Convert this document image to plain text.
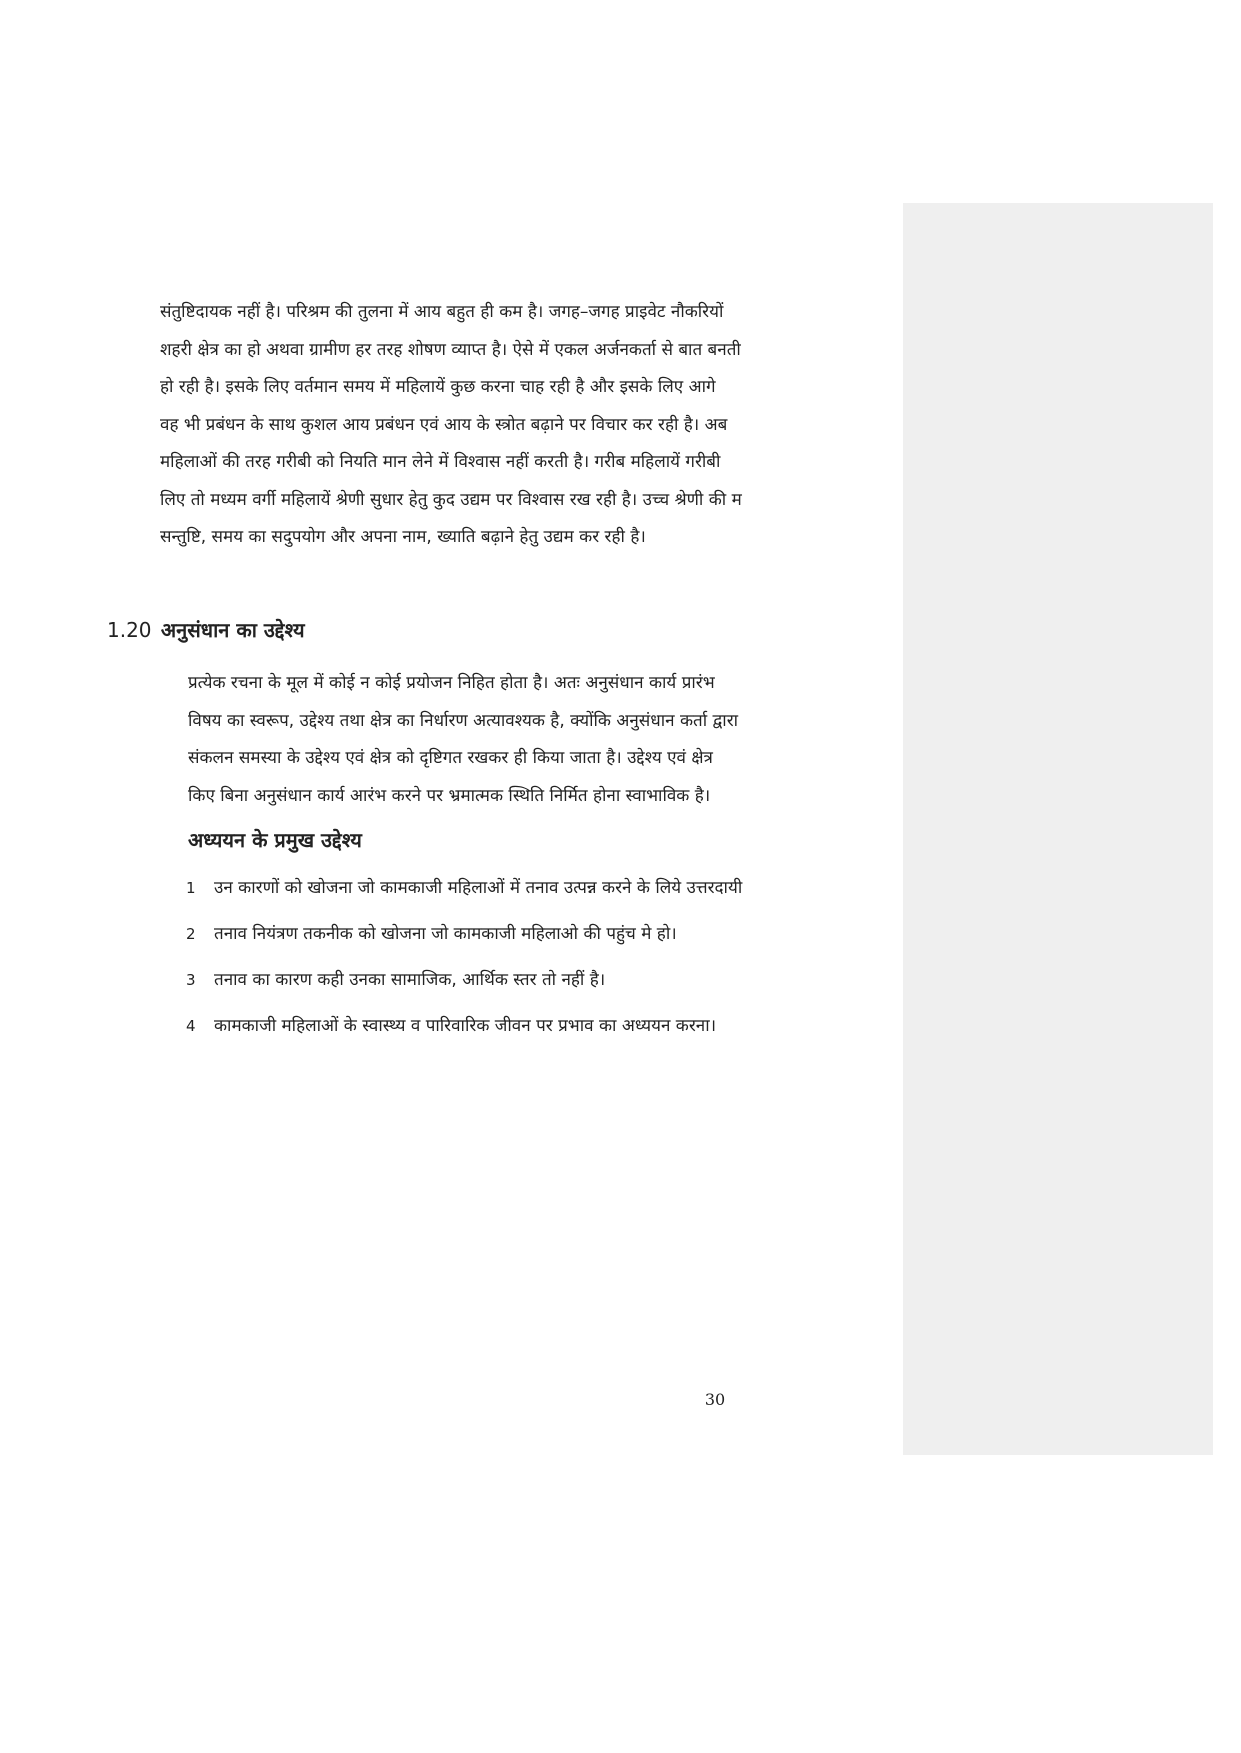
संतुष्टिदायक नहीं है। परिश्रम की तुलना में आय बहुत ही कम है। जगह–जगह प्राइवेट नौकरियों
शहरी क्षेत्र का हो अथवा ग्रामीण हर तरह शोषण व्याप्त है। ऐसे में एकल अर्जनकर्ता से बात बनती
हो रही है। इसके लिए वर्तमान समय में महिलायें कुछ करना चाह रही है और इसके लिए आगे
वह भी प्रबंधन के साथ कुशल आय प्रबंधन एवं आय के स्त्रोत बढ़ाने पर विचार कर रही है। अब
महिलाओं की तरह गरीबी को नियति मान लेने में विश्वास नहीं करती है। गरीब महिलायें गरीबी
लिए तो मध्यम वर्गी महिलायें श्रेणी सुधार हेतु कुद उद्यम पर विश्वास रख रही है। उच्च श्रेणी की म
सन्तुष्टि, समय का सदुपयोग और अपना नाम, ख्याति बढ़ाने हेतु उद्यम कर रही है।
1.20 अनुसंधान का उद्देश्य
प्रत्येक रचना के मूल में कोई न कोई प्रयोजन निहित होता है। अतः अनुसंधान कार्य प्रारंभ
विषय का स्वरूप, उद्देश्य तथा क्षेत्र का निर्धारण अत्यावश्यक है, क्योंकि अनुसंधान कर्ता द्वारा
संकलन समस्या के उद्देश्य एवं क्षेत्र को दृष्टिगत रखकर ही किया जाता है। उद्देश्य एवं क्षेत्र
किए बिना अनुसंधान कार्य आरंभ करने पर भ्रमात्मक स्थिति निर्मित होना स्वाभाविक है।
अध्ययन के प्रमुख उद्देश्य
1 उन कारणों को खोजना जो कामकाजी महिलाओं में तनाव उत्पन्न करने के लिये उत्तरदायी
2 तनाव नियंत्रण तकनीक को खोजना जो कामकाजी महिलाओ की पहुंच मे हो।
3 तनाव का कारण कही उनका सामाजिक, आर्थिक स्तर तो नहीं है।
4 कामकाजी महिलाओं के स्वास्थ्य व पारिवारिक जीवन पर प्रभाव का अध्ययन करना।
30
